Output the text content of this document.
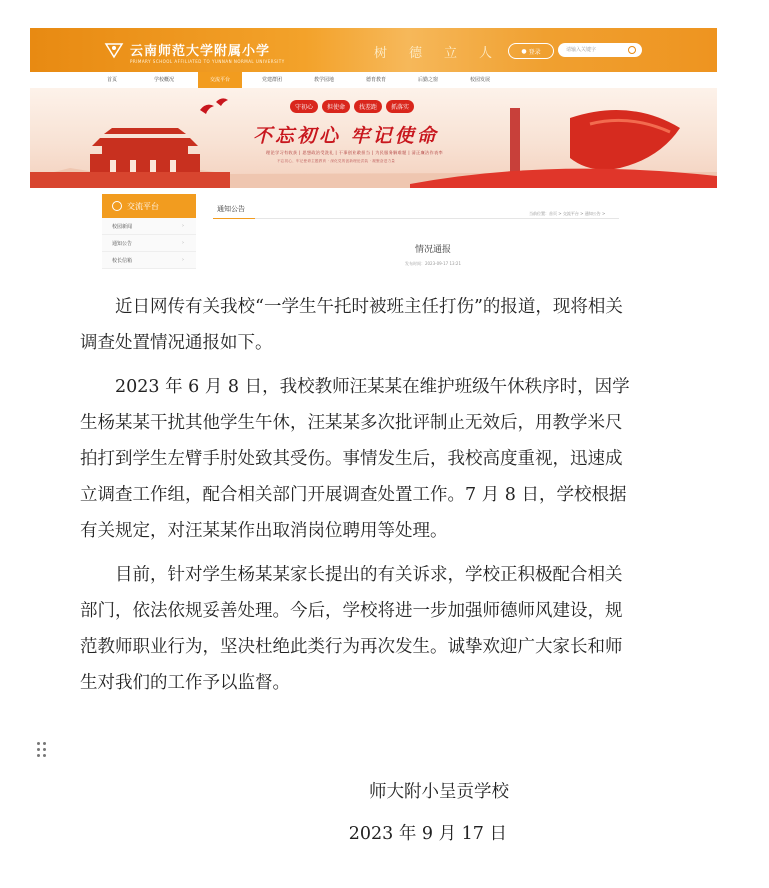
云南师范大学附属小学
PRIMARY SCHOOL AFFILIATED TO YUNNAN NORMAL UNIVERSITY
树 德 立 人	● 登录	请输入关键字
首页	学校概况	交流平台	党建群团	教学园地	德育教育	后勤之窗	校园发展
守初心	担使命	找差距	抓落实
不忘初心 牢记使命
理论学习有收获 | 思想政治受洗礼 | 干事创业敢担当 | 为民服务解难题 | 清正廉洁作表率
不忘初心、牢记使命主题教育 · 深化党的创新理论武装 · 凝聚奋进力量
交流平台
校园新闻	›
通知公告	›
校长信箱	›
通知公告
当前位置：首页 > 交流平台 > 通知公告 >
情况通报
发布时间：2023-09-17 13:21

近日网传有关我校“一学生午托时被班主任打伤”的报道，现将相关调查处置情况通报如下。

2023 年 6 月 8 日，我校教师汪某某在维护班级午休秩序时，因学生杨某某干扰其他学生午休，汪某某多次批评制止无效后，用教学米尺拍打到学生左臂手肘处致其受伤。事情发生后，我校高度重视，迅速成立调查工作组，配合相关部门开展调查处置工作。7 月 8 日，学校根据有关规定，对汪某某作出取消岗位聘用等处理。

目前，针对学生杨某某家长提出的有关诉求，学校正积极配合相关部门，依法依规妥善处理。今后，学校将进一步加强师德师风建设，规范教师职业行为，坚决杜绝此类行为再次发生。诚挚欢迎广大家长和师生对我们的工作予以监督。

师大附小呈贡学校
2023 年 9 月 17 日
